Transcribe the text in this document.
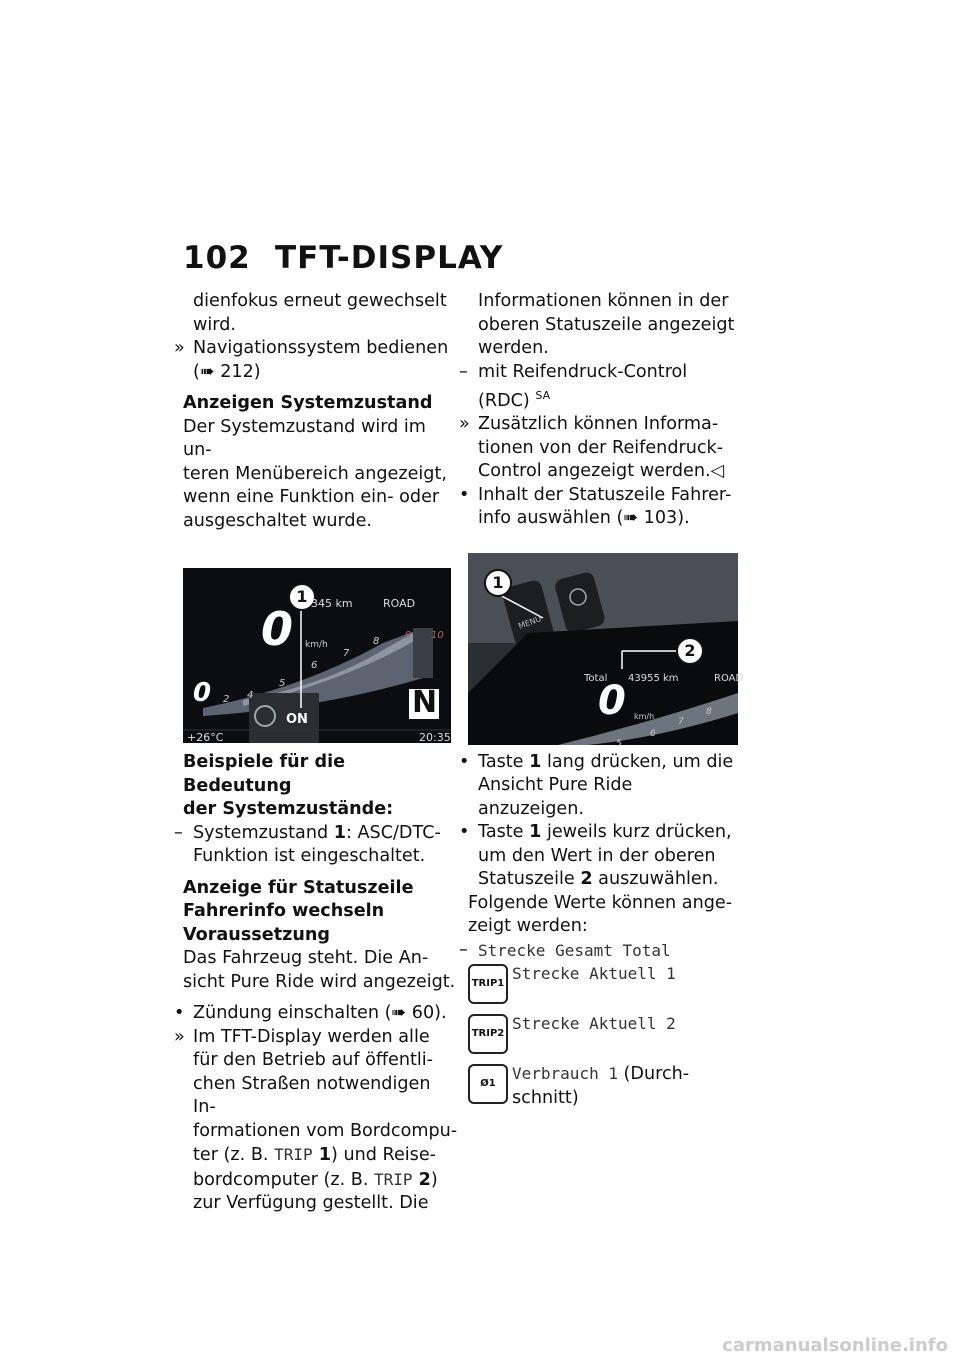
102 TFT-DISPLAY
dienfokus erneut gewechselt
wird.
» Navigationssystem bedienen
(➠ 212)
Anzeigen Systemzustand
Der Systemzustand wird im un-
teren Menübereich angezeigt,
wenn eine Funktion ein- oder
ausgeschaltet wurde.
1 345 km	ROAD
0
0
km/h
N
+26°C	20:35
ON
2 4
5
6
7
8
9 10
Beispiele für die Bedeutung
der Systemzustände:
– Systemzustand 1: ASC/DTC-
Funktion ist eingeschaltet.
Anzeige für Statuszeile
Fahrerinfo wechseln
Voraussetzung
Das Fahrzeug steht. Die An-
sicht Pure Ride wird angezeigt.
• Zündung einschalten (➠ 60).
» Im TFT-Display werden alle
für den Betrieb auf öffentli-
chen Straßen notwendigen In-
formationen vom Bordcompu-
ter (z. B. TRIP 1) und Reise-
bordcomputer (z. B. TRIP 2)
zur Verfügung gestellt. Die
Informationen können in der
oberen Statuszeile angezeigt
werden.
– mit Reifendruck-Control
(RDC) $^{SA}$
» Zusätzlich können Informa-
tionen von der Reifendruck-
Control angezeigt werden.◁
• Inhalt der Statuszeile Fahrer-
info auswählen (➠ 103).
1
2
MENU
Total 43955 km	ROAD
0 km/h
5
6
7
8
• Taste 1 lang drücken, um die
Ansicht Pure Ride anzuzeigen.
• Taste 1 jeweils kurz drücken,
um den Wert in der oberen
Statuszeile 2 auszuwählen.
Folgende Werte können ange-
zeigt werden:
– Strecke Gesamt Total
TRIP1
Strecke Aktuell 1
TRIP2
Strecke Aktuell 2
Ø1
Verbrauch 1 (Durch-
schnitt)
carmanualsonline.info
